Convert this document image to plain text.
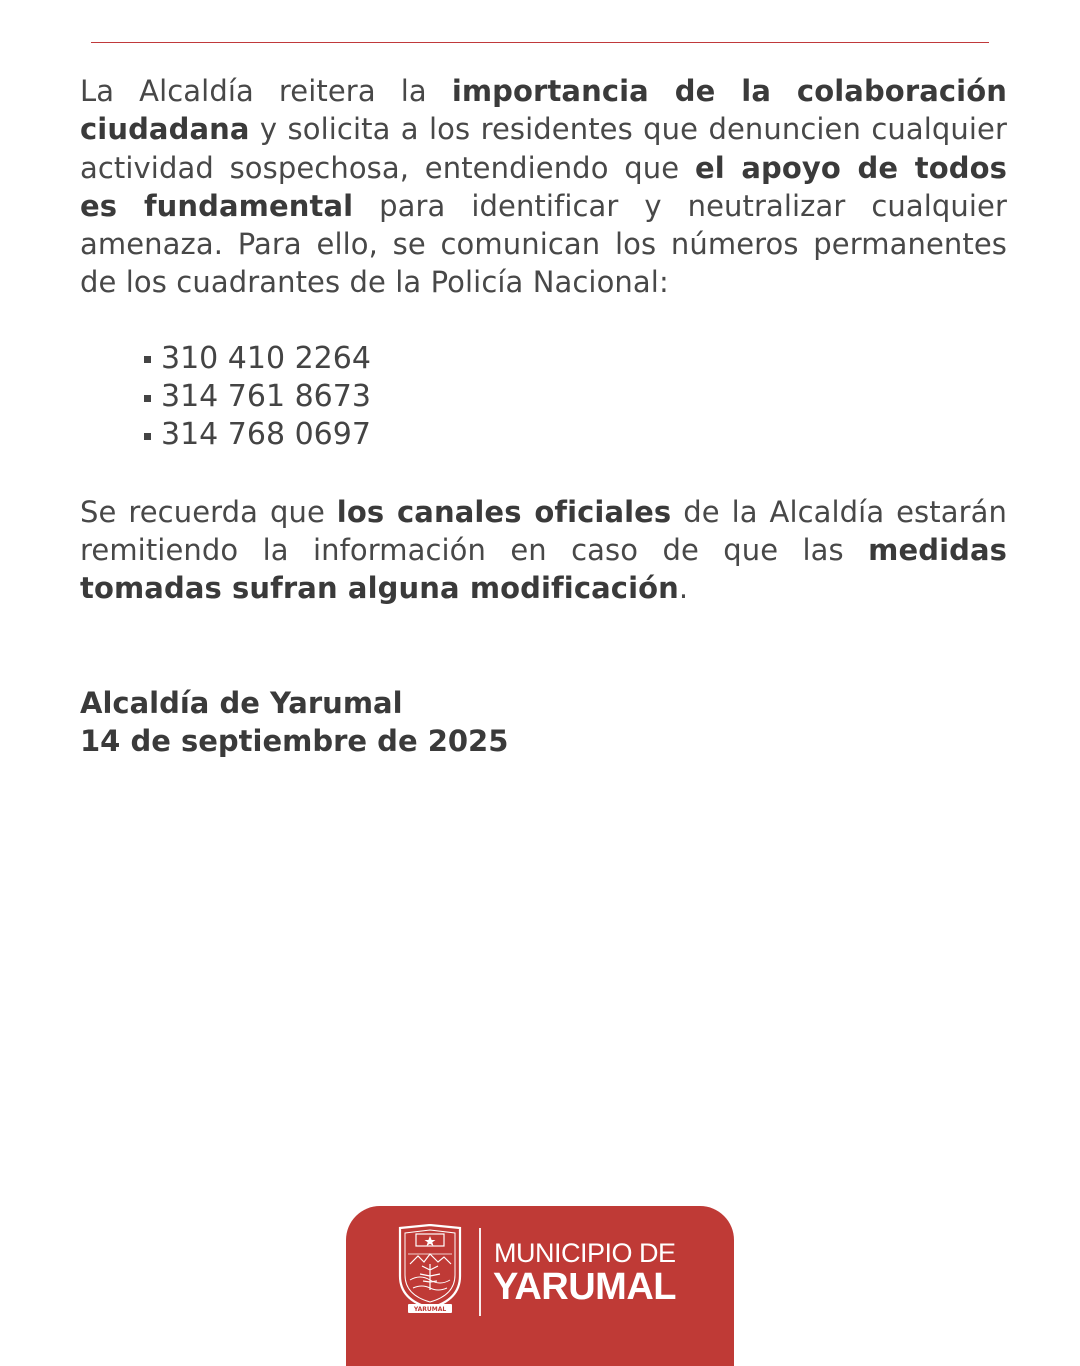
La Alcaldía reitera la importancia de la colaboración ciudadana y solicita a los residentes que denuncien cualquier actividad sospechosa, entendiendo que el apoyo de todos es fundamental para identificar y neutralizar cualquier amenaza. Para ello, se comunican los números permanentes de los cuadrantes de la Policía Nacional:

310 410 2264
314 761 8673
314 768 0697

Se recuerda que los canales oficiales de la Alcaldía estarán remitiendo la información en caso de que las medidas tomadas sufran alguna modificación.

Alcaldía de Yarumal
14 de septiembre de 2025
YARUMAL
MUNICIPIO DE
YARUMAL
